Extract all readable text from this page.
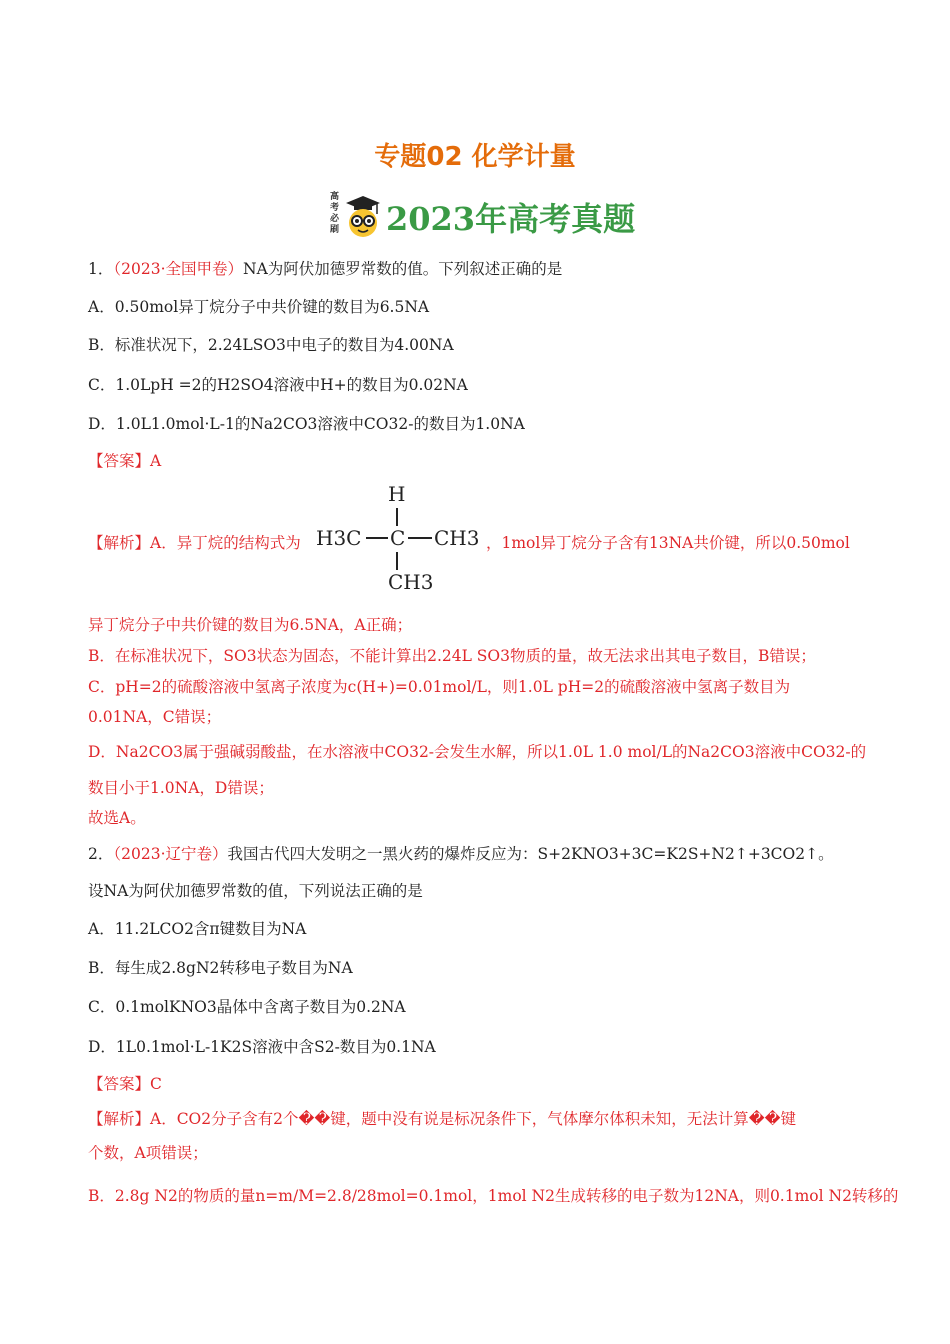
专题02 化学计量
高考必刷 2023年高考真题
1．（2023·全国甲卷）NA为阿伏加德罗常数的值。下列叙述正确的是
A．0.50mol异丁烷分子中共价键的数目为6.5NA
B．标准状况下，2.24LSO3中电子的数目为4.00NA
C．1.0LpH =2的H2SO4溶液中H+的数目为0.02NA
D．1.0L1.0mol·L-1的Na2CO3溶液中CO32-的数目为1.0NA
【答案】A
【解析】A．异丁烷的结构式为
H
H3C C CH3
CH3
，1mol异丁烷分子含有13NA共价键，所以0.50mol
异丁烷分子中共价键的数目为6.5NA，A正确；
B．在标准状况下，SO3状态为固态，不能计算出2.24L SO3物质的量，故无法求出其电子数目，B错误；
C．pH=2的硫酸溶液中氢离子浓度为c(H+)=0.01mol/L，则1.0L pH=2的硫酸溶液中氢离子数目为
0.01NA，C错误；
D．Na2CO3属于强碱弱酸盐，在水溶液中CO32-会发生水解，所以1.0L 1.0 mol/L的Na2CO3溶液中CO32-的
数目小于1.0NA，D错误；
故选A。
2．（2023·辽宁卷）我国古代四大发明之一黑火药的爆炸反应为：S+2KNO3+3C=K2S+N2↑+3CO2↑。
设NA为阿伏加德罗常数的值，下列说法正确的是
A．11.2LCO2含π键数目为NA
B．每生成2.8gN2转移电子数目为NA
C．0.1molKNO3晶体中含离子数目为0.2NA
D．1L0.1mol·L-1K2S溶液中含S2-数目为0.1NA
【答案】C
【解析】A．CO2分子含有2个��键，题中没有说是标况条件下，气体摩尔体积未知，无法计算��键
个数，A项错误；
B．2.8g N2的物质的量n=m/M=2.8/28mol=0.1mol，1mol N2生成转移的电子数为12NA，则0.1mol N2转移的
